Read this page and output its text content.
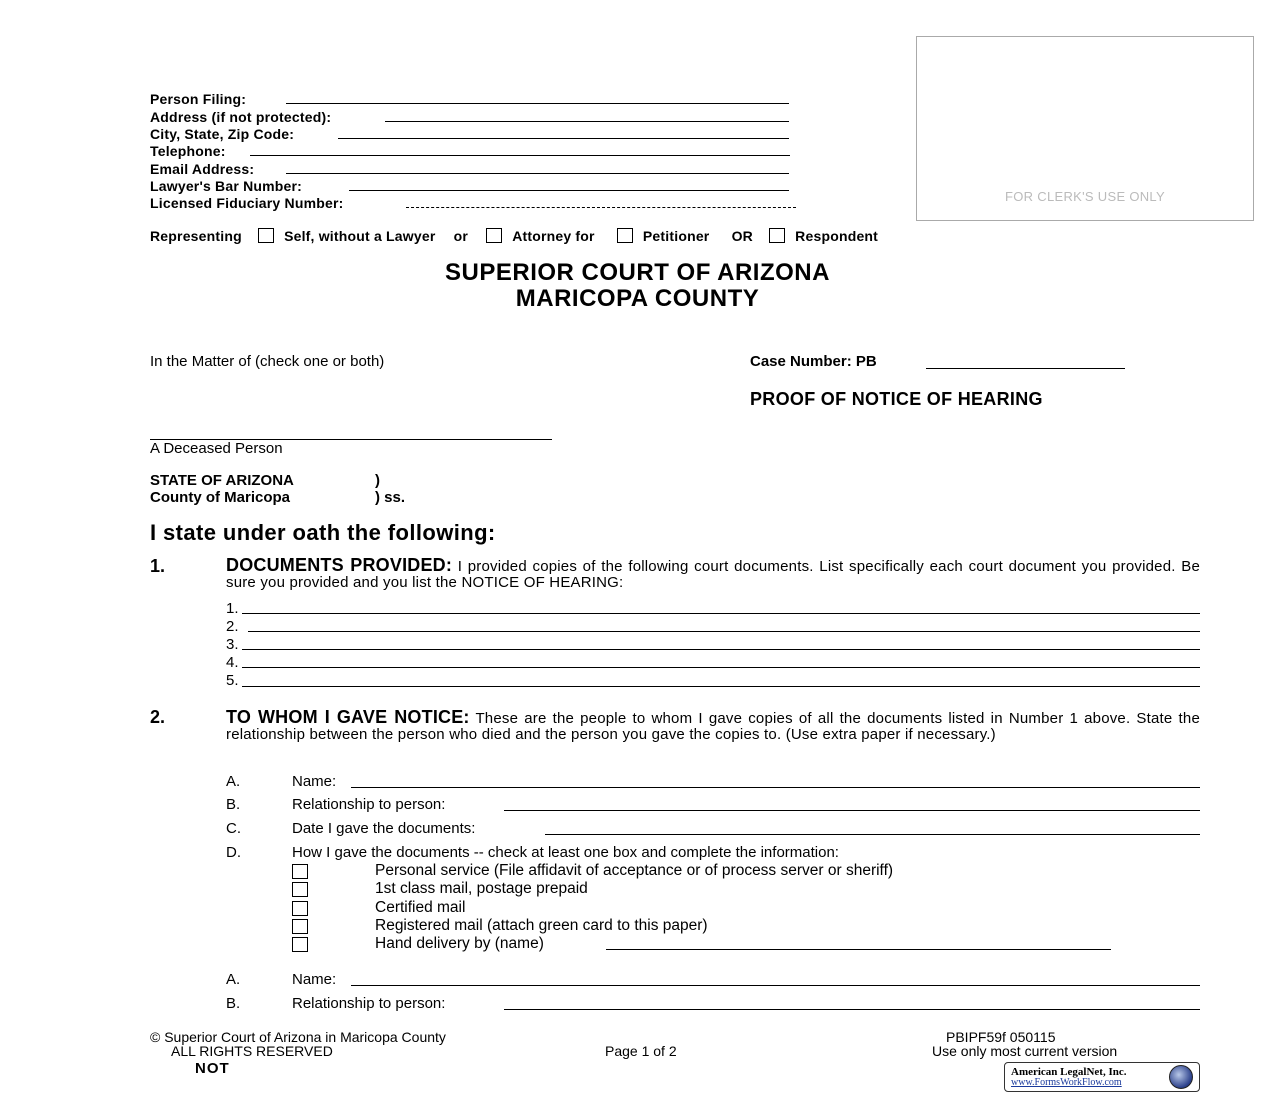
Person Filing:
Address (if not protected):
City, State, Zip Code:
Telephone:
Email Address:
Lawyer's Bar Number:
Licensed Fiduciary Number:	FOR CLERK'S USE ONLY
Representing	Self, without a Lawyer or	Attorney for	Petitioner OR	Respondent
SUPERIOR COURT OF ARIZONA
MARICOPA COUNTY
In the Matter of (check one or both)	Case Number: PB
PROOF OF NOTICE OF HEARING
A Deceased Person
STATE OF ARIZONA	)
County of Maricopa	) ss.
I state under oath the following:
1.	DOCUMENTS PROVIDED: I provided copies of the following court documents. List specifically each court document you provided. Be sure you provided and you list the NOTICE OF HEARING:
1.
2.
3.
4.
5.
2.	TO WHOM I GAVE NOTICE: These are the people to whom I gave copies of all the documents listed in Number 1 above. State the relationship between the person who died and the person you gave the copies to. (Use extra paper if necessary.)
A.	Name:
B.	Relationship to person:
C.	Date I gave the documents:
D.	How I gave the documents -- check at least one box and complete the information:
Personal service (File affidavit of acceptance or of process server or sheriff)
1st class mail, postage prepaid
Certified mail
Registered mail (attach green card to this paper)
Hand delivery by (name)
A.	Name:
B.	Relationship to person:
© Superior Court of Arizona in Maricopa County
ALL RIGHTS RESERVED
NOT
Page 1 of 2
PBIPF59f 050115
Use only most current version
American LegalNet, Inc.
www.FormsWorkFlow.com
